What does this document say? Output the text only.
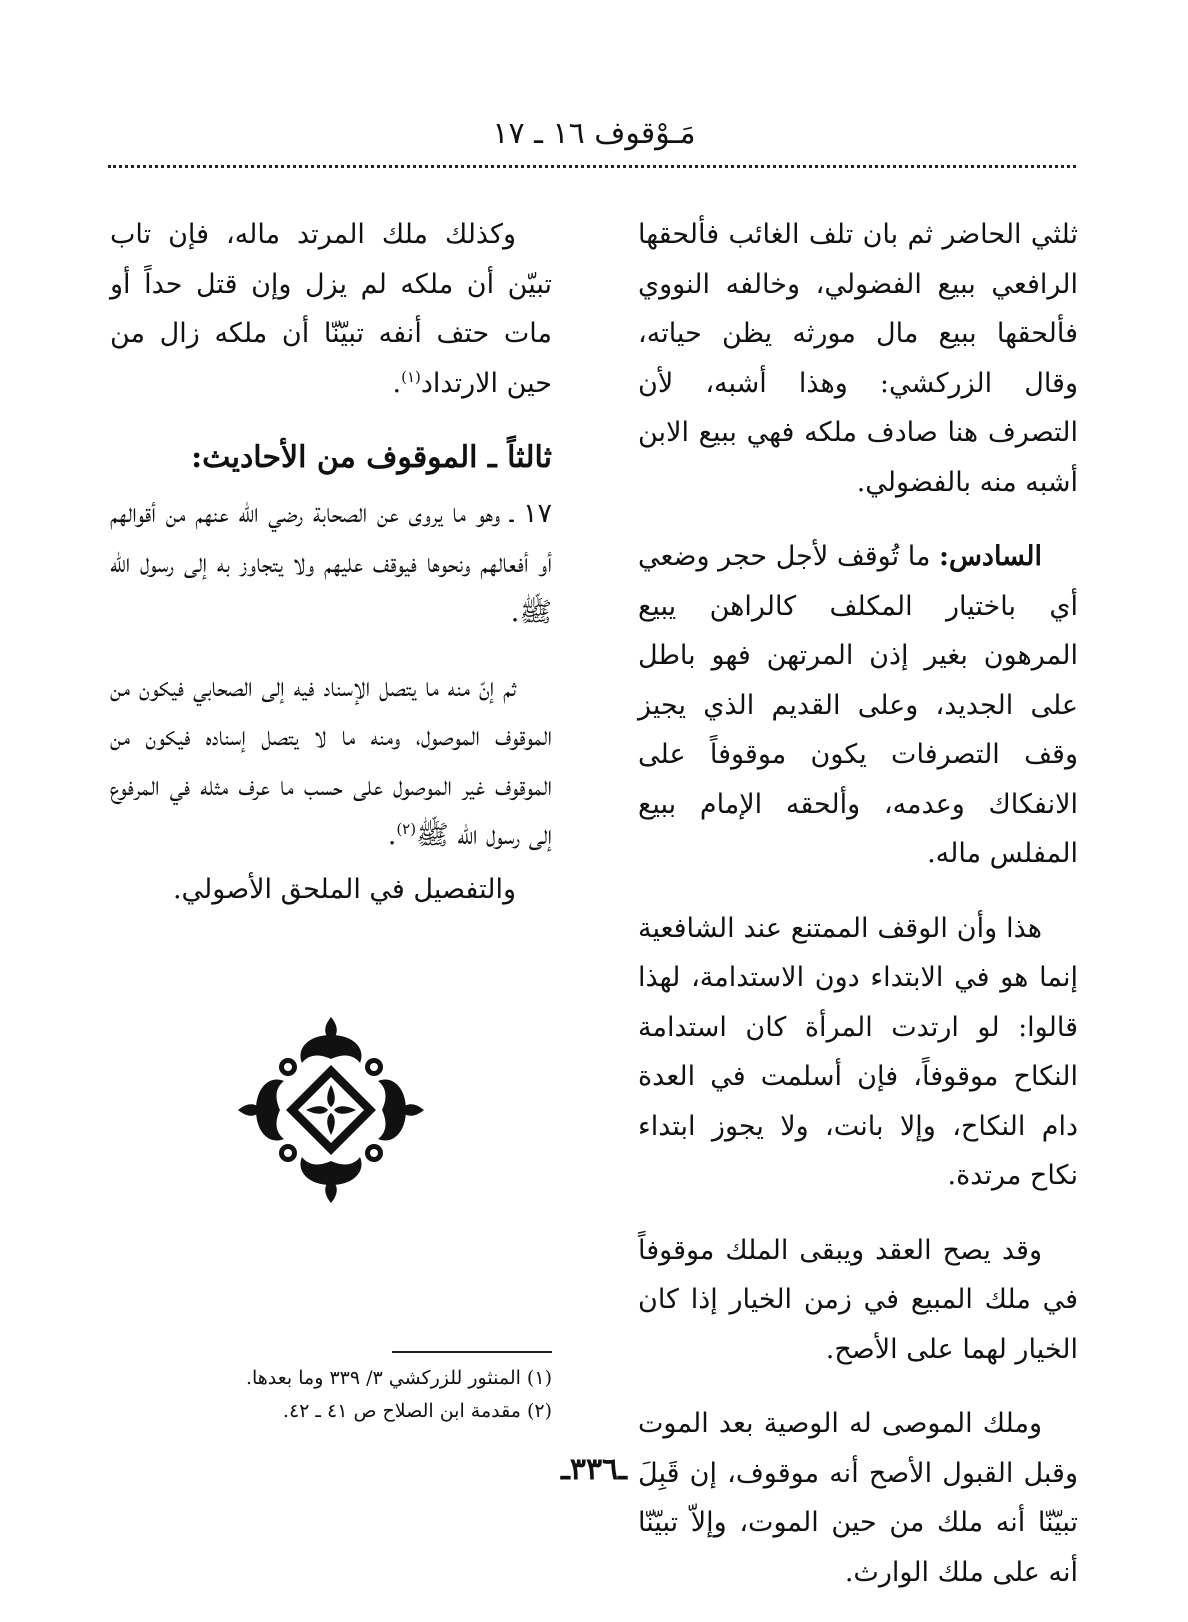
مَـوْقوف ١٦ ـ ١٧

ثلثي الحاضر ثم بان تلف الغائب فألحقها الرافعي ببيع الفضولي، وخالفه النووي فألحقها ببيع مال مورثه يظن حياته، وقال الزركشي: وهذا أشبه، لأن التصرف هنا صادف ملكه فهي ببيع الابن أشبه منه بالفضولي.

السادس: ما تُوقف لأجل حجر وضعي أي باختيار المكلف كالراهن يبيع المرهون بغير إذن المرتهن فهو باطل على الجديد، وعلى القديم الذي يجيز وقف التصرفات يكون موقوفاً على الانفكاك وعدمه، وألحقه الإمام ببيع المفلس ماله.

هذا وأن الوقف الممتنع عند الشافعية إنما هو في الابتداء دون الاستدامة، لهذا قالوا: لو ارتدت المرأة كان استدامة النكاح موقوفاً، فإن أسلمت في العدة دام النكاح، وإلا بانت، ولا يجوز ابتداء نكاح مرتدة.

وقد يصح العقد ويبقى الملك موقوفاً في ملك المبيع في زمن الخيار إذا كان الخيار لهما على الأصح.

وملك الموصى له الوصية بعد الموت وقبل القبول الأصح أنه موقوف، إن قَبِلَ تبيّنّا أنه ملك من حين الموت، وإلاّ تبيّنّا أنه على ملك الوارث.

وكذلك ملك المرتد ماله، فإن تاب تبيّن أن ملكه لم يزل وإن قتل حداً أو مات حتف أنفه تبيّنّا أن ملكه زال من حين الارتداد$^{(١)}$.

ثالثاً ـ الموقوف من الأحاديث:

١٧ ـ وهو ما يروى عن الصحابة رضي الله عنهم من أقوالهم أو أفعالهم ونحوها فيوقف عليهم ولا يتجاوز به إلى رسول الله ﷺ.

ثم إنّ منه ما يتصل الإسناد فيه إلى الصحابي فيكون من الموقوف الموصول، ومنه ما لا يتصل إسناده فيكون من الموقوف غير الموصول على حسب ما عرف مثله في المرفوع إلى رسول الله ﷺ$^{(٢)}$.

والتفصيل في الملحق الأصولي.

(١) المنثور للزركشي ٣/ ٣٣٩ وما بعدها.

(٢) مقدمة ابن الصلاح ص ٤١ ـ ٤٢.

ـ٣٣٦ـ
